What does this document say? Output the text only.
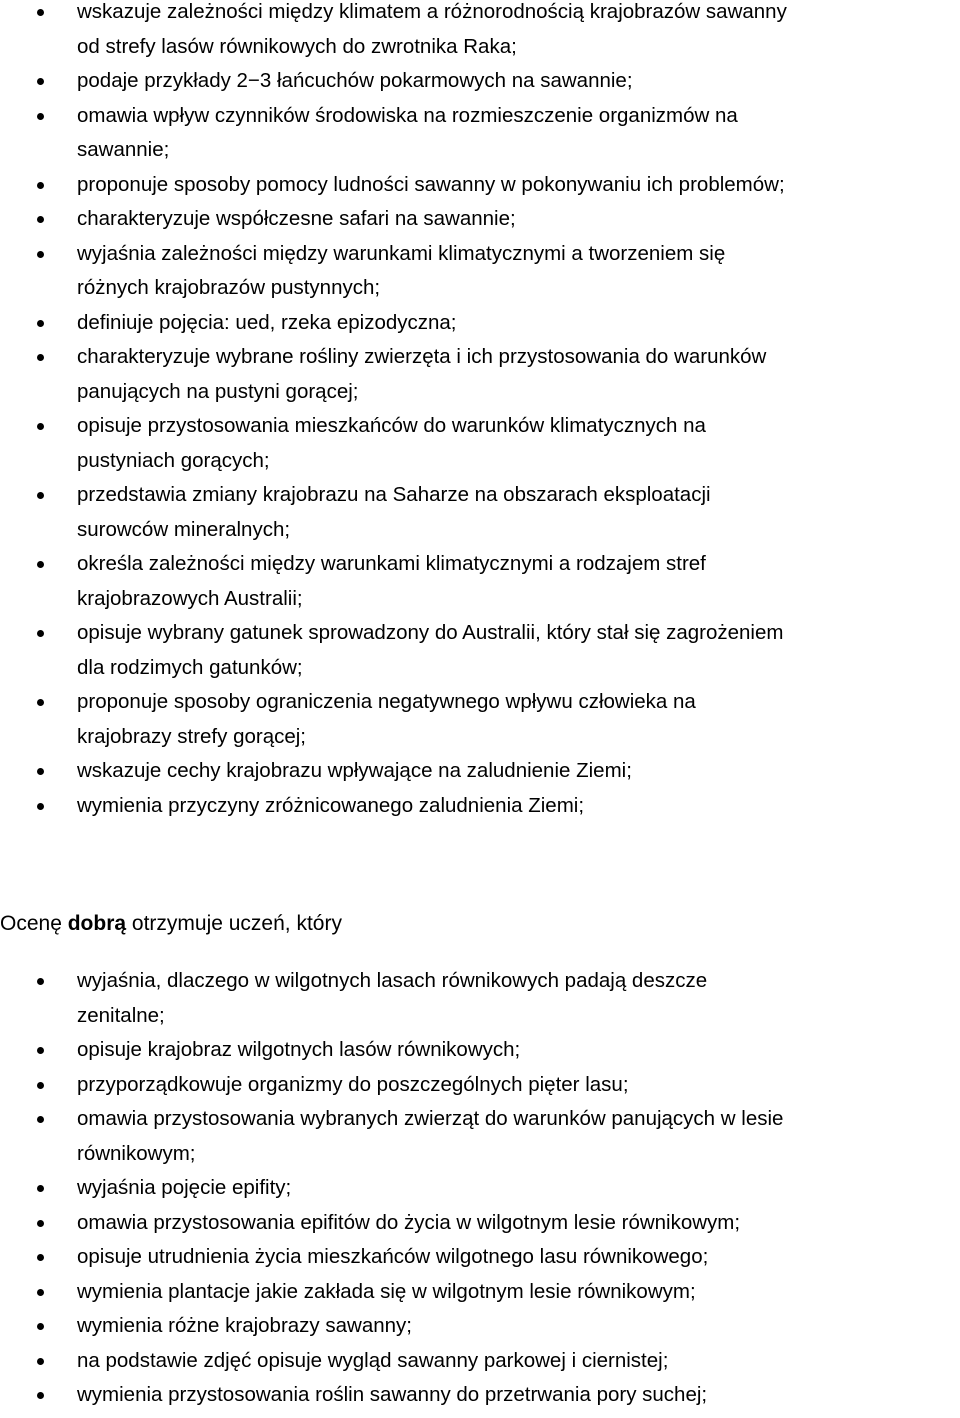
wskazuje zależności między klimatem a różnorodnością krajobrazów sawanny
od strefy lasów równikowych do zwrotnika Raka;
podaje przykłady 2−3 łańcuchów pokarmowych na sawannie;
omawia wpływ czynników środowiska na rozmieszczenie organizmów na
sawannie;
proponuje sposoby pomocy ludności sawanny w pokonywaniu ich problemów;
charakteryzuje współczesne safari na sawannie;
wyjaśnia zależności między warunkami klimatycznymi a tworzeniem się
różnych krajobrazów pustynnych;
definiuje pojęcia: ued, rzeka epizodyczna;
charakteryzuje wybrane rośliny zwierzęta i ich przystosowania do warunków
panujących na pustyni gorącej;
opisuje przystosowania mieszkańców do warunków klimatycznych na
pustyniach gorących;
przedstawia zmiany krajobrazu na Saharze na obszarach eksploatacji
surowców mineralnych;
określa zależności między warunkami klimatycznymi a rodzajem stref
krajobrazowych Australii;
opisuje wybrany gatunek sprowadzony do Australii, który stał się zagrożeniem
dla rodzimych gatunków;
proponuje sposoby ograniczenia negatywnego wpływu człowieka na
krajobrazy strefy gorącej;
wskazuje cechy krajobrazu wpływające na zaludnienie Ziemi;
wymienia przyczyny zróżnicowanego zaludnienia Ziemi;
Ocenę dobrą otrzymuje uczeń, który
wyjaśnia, dlaczego w wilgotnych lasach równikowych padają deszcze
zenitalne;
opisuje krajobraz wilgotnych lasów równikowych;
przyporządkowuje organizmy do poszczególnych pięter lasu;
omawia przystosowania wybranych zwierząt do warunków panujących w lesie
równikowym;
wyjaśnia pojęcie epifity;
omawia przystosowania epifitów do życia w wilgotnym lesie równikowym;
opisuje utrudnienia życia mieszkańców wilgotnego lasu równikowego;
wymienia plantacje jakie zakłada się w wilgotnym lesie równikowym;
wymienia różne krajobrazy sawanny;
na podstawie zdjęć opisuje wygląd sawanny parkowej i ciernistej;
wymienia przystosowania roślin sawanny do przetrwania pory suchej;
